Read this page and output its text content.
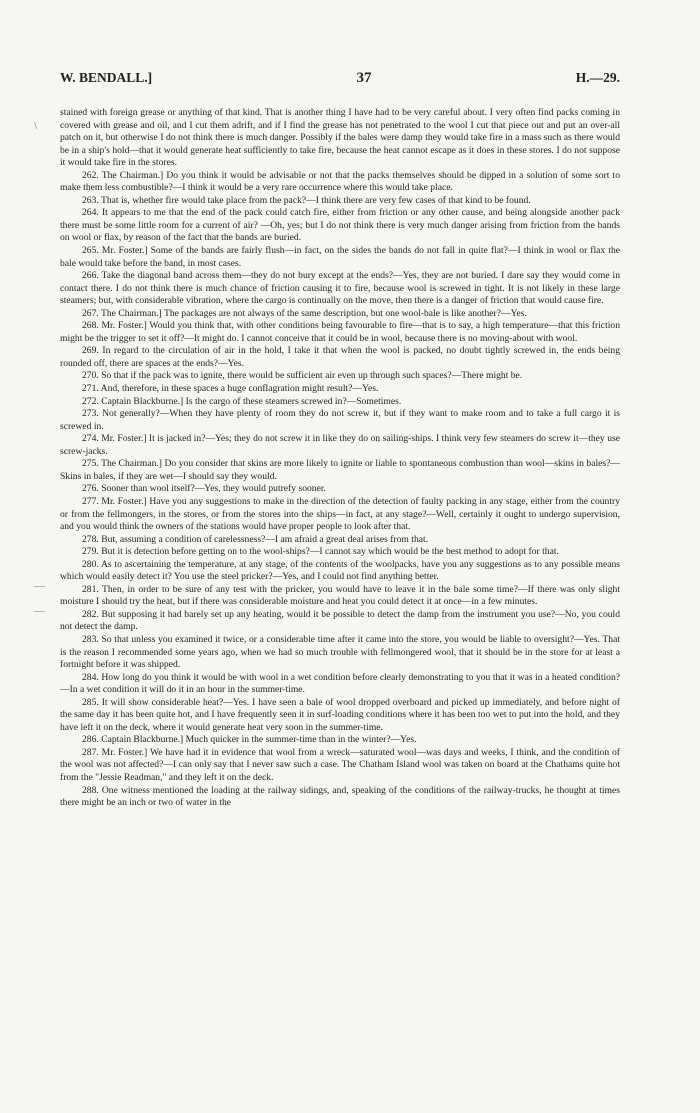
\
—
—
W. BENDALL.]	37	H.—29.

stained with foreign grease or anything of that kind. That is another thing I have had to be very careful about. I very often find packs coming in covered with grease and oil, and I cut them adrift, and if I find the grease has not penetrated to the wool I cut that piece out and put an over-all patch on it, but otherwise I do not think there is much danger. Possibly if the bales were damp they would take fire in a mass such as there would be in a ship's hold—that it would generate heat sufficiently to take fire, because the heat cannot escape as it does in these stores. I do not suppose it would take fire in the stores.

262. The Chairman.] Do you think it would be advisable or not that the packs themselves should be dipped in a solution of some sort to make them less combustible?—I think it would be a very rare occurrence where this would take place.

263. That is, whether fire would take place from the pack?—I think there are very few cases of that kind to be found.

264. It appears to me that the end of the pack could catch fire, either from friction or any other cause, and being alongside another pack there must be some little room for a current of air? —Oh, yes; but I do not think there is very much danger arising from friction from the bands on wool or flax, by reason of the fact that the bands are buried.

265. Mr. Foster.] Some of the bands are fairly flush—in fact, on the sides the bands do not fall in quite flat?—I think in wool or flax the bale would take before the band, in most cases.

266. Take the diagonal band across them—they do not bury except at the ends?—Yes, they are not buried. I dare say they would come in contact there. I do not think there is much chance of friction causing it to fire, because wool is screwed in tight. It is not likely in these large steamers; but, with considerable vibration, where the cargo is continually on the move, then there is a danger of friction that would cause fire.

267. The Chairman.] The packages are not always of the same description, but one wool-bale is like another?—Yes.

268. Mr. Foster.] Would you think that, with other conditions being favourable to fire—that is to say, a high temperature—that this friction might be the trigger to set it off?—It might do. I cannot conceive that it could be in wool, because there is no moving-about with wool.

269. In regard to the circulation of air in the hold, I take it that when the wool is packed, no doubt tightly screwed in, the ends being rounded off, there are spaces at the ends?—Yes.

270. So that if the pack was to ignite, there would be sufficient air even up through such spaces?—There might be.

271. And, therefore, in these spaces a huge conflagration might result?—Yes.

272. Captain Blackburne.] Is the cargo of these steamers screwed in?—Sometimes.

273. Not generally?—When they have plenty of room they do not screw it, but if they want to make room and to take a full cargo it is screwed in.

274. Mr. Foster.] It is jacked in?—Yes; they do not screw it in like they do on sailing-ships. I think very few steamers do screw it—they use screw-jacks.

275. The Chairman.] Do you consider that skins are more likely to ignite or liable to spontaneous combustion than wool—skins in bales?—Skins in bales, if they are wet—I should say they would.

276. Sooner than wool itself?—Yes, they would putrefy sooner.

277. Mr. Foster.] Have you any suggestions to make in the direction of the detection of faulty packing in any stage, either from the country or from the fellmongers, in the stores, or from the stores into the ships—in fact, at any stage?—Well, certainly it ought to undergo supervision, and you would think the owners of the stations would have proper people to look after that.

278. But, assuming a condition of carelessness?—I am afraid a great deal arises from that.

279. But it is detection before getting on to the wool-ships?—I cannot say which would be the best method to adopt for that.

280. As to ascertaining the temperature, at any stage, of the contents of the woolpacks, have you any suggestions as to any possible means which would easily detect it? You use the steel pricker?—Yes, and I could not find anything better.

281. Then, in order to be sure of any test with the pricker, you would have to leave it in the bale some time?—If there was only slight moisture I should try the heat, but if there was considerable moisture and heat you could detect it at once—in a few minutes.

282. But supposing it had barely set up any heating, would it be possible to detect the damp from the instrument you use?—No, you could not detect the damp.

283. So that unless you examined it twice, or a considerable time after it came into the store, you would be liable to oversight?—Yes. That is the reason I recommended some years ago, when we had so much trouble with fellmongered wool, that it should be in the store for at least a fortnight before it was shipped.

284. How long do you think it would be with wool in a wet condition before clearly demonstrating to you that it was in a heated condition?—In a wet condition it will do it in an hour in the summer-time.

285. It will show considerable heat?—Yes. I have seen a bale of wool dropped overboard and picked up immediately, and before night of the same day it has been quite hot, and I have frequently seen it in surf-loading conditions where it has been too wet to put into the hold, and they have left it on the deck, where it would generate heat very soon in the summer-time.

286. Captain Blackburne.] Much quicker in the summer-time than in the winter?—Yes.

287. Mr. Foster.] We have had it in evidence that wool from a wreck—saturated wool—was days and weeks, I think, and the condition of the wool was not affected?—I can only say that I never saw such a case. The Chatham Island wool was taken on board at the Chathams quite hot from the "Jessie Readman," and they left it on the deck.

288. One witness mentioned the loading at the railway sidings, and, speaking of the conditions of the railway-trucks, he thought at times there might be an inch or two of water in the
